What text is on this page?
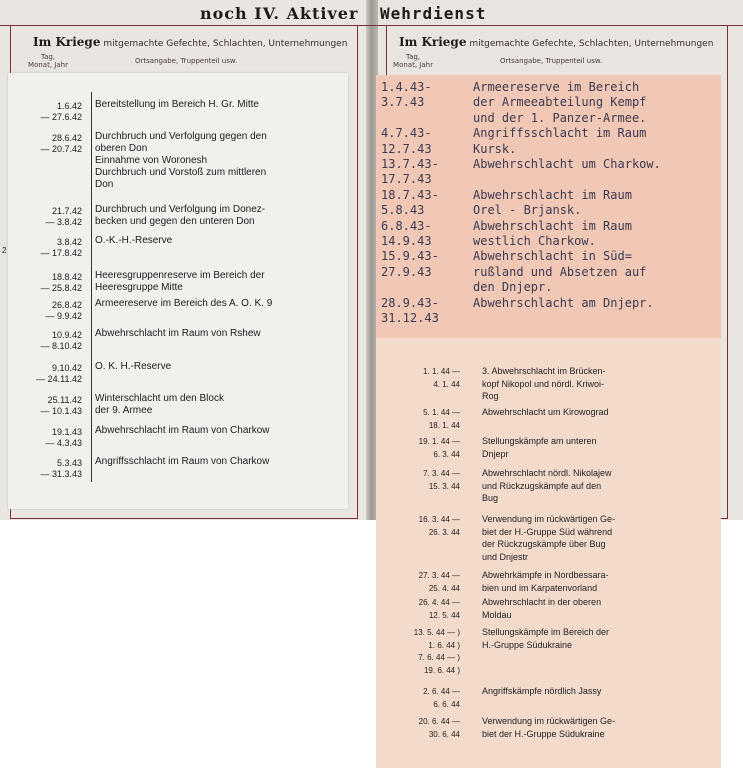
noch IV. Aktiver Wehrdienst
Im Kriege mitgemachte Gefechte, Schlachten, Unternehmungen
Tag,
Monat, Jahr	Ortsangabe, Truppenteil usw.
Im Kriege mitgemachte Gefechte, Schlachten, Unternehmungen
Tag,
Monat, Jahr	Ortsangabe, Truppenteil usw.
2
1.6.42
— 27.6.42
Bereitstellung im Bereich H. Gr. Mitte
28.6.42
— 20.7.42
Durchbruch und Verfolgung gegen den
oberen Don
Einnahme von Woronesh
Durchbruch und Vorstoß zum mittleren
Don
21.7.42
— 3.8.42
Durchbruch und Verfolgung im Donez-
becken und gegen den unteren Don
3.8.42
— 17.8.42
O.-K.-H.-Reserve
18.8.42
— 25.8.42
Heeresgruppenreserve im Bereich der
Heeresgruppe Mitte
26.8.42
— 9.9.42
Armeereserve im Bereich des A. O. K. 9
10.9.42
— 8.10.42
Abwehrschlacht im Raum von Rshew
9.10.42
— 24.11.42
O. K. H.-Reserve
25.11.42
— 10.1.43
Winterschlacht um den Block
der 9. Armee
19.1.43
— 4.3.43
Abwehrschlacht im Raum von Charkow
5.3.43
— 31.3.43
Angriffsschlacht im Raum von Charkow
1.4.43-	Armeereserve im Bereich
3.7.43	der Armeeabteilung Kempf
und der 1. Panzer-Armee.
4.7.43-	Angriffsschlacht im Raum
12.7.43	Kursk.
13.7.43-	Abwehrschlacht um Charkow.
17.7.43
18.7.43-	Abwehrschlacht im Raum
5.8.43	Orel - Brjansk.
6.8.43-	Abwehrschlacht im Raum
14.9.43	westlich Charkow.
15.9.43-	Abwehrschlacht in Süd=
27.9.43	rußland und Absetzen auf
den Dnjepr.
28.9.43-	Abwehrschlacht am Dnjepr.
31.12.43
1. 1. 44 —
4. 1. 44
3. Abwehrschlacht im Brücken-
kopf Nikopol und nördl. Kriwoi-
Rog
5. 1. 44 —
18. 1. 44
Abwehrschlacht um Kirowograd
19. 1. 44 —
6. 3. 44
Stellungskämpfe am unteren
Dnjepr
7. 3. 44 —
15. 3. 44
Abwehrschlacht nördl. Nikolajew
und Rückzugskämpfe auf den
Bug
16. 3. 44 —
26. 3. 44
Verwendung im rückwärtigen Ge-
biet der H.-Gruppe Süd während
der Rückzugskämpfe über Bug
und Dnjestr
27. 3. 44 —
25. 4. 44
Abwehrkämpfe in Nordbessara-
bien und im Karpatenvorland
26. 4. 44 —
12. 5. 44
Abwehrschlacht in der oberen
Moldau
13. 5. 44 — )
1. 6. 44 )
7. 6. 44 — )
19. 6. 44 )
Stellungskämpfe im Bereich der
H.-Gruppe Südukraine
2. 6. 44 —
6. 6. 44
Angriffskämpfe nördlich Jassy
20. 6. 44 —
30. 6. 44
Verwendung im rückwärtigen Ge-
biet der H.-Gruppe Südukraine
